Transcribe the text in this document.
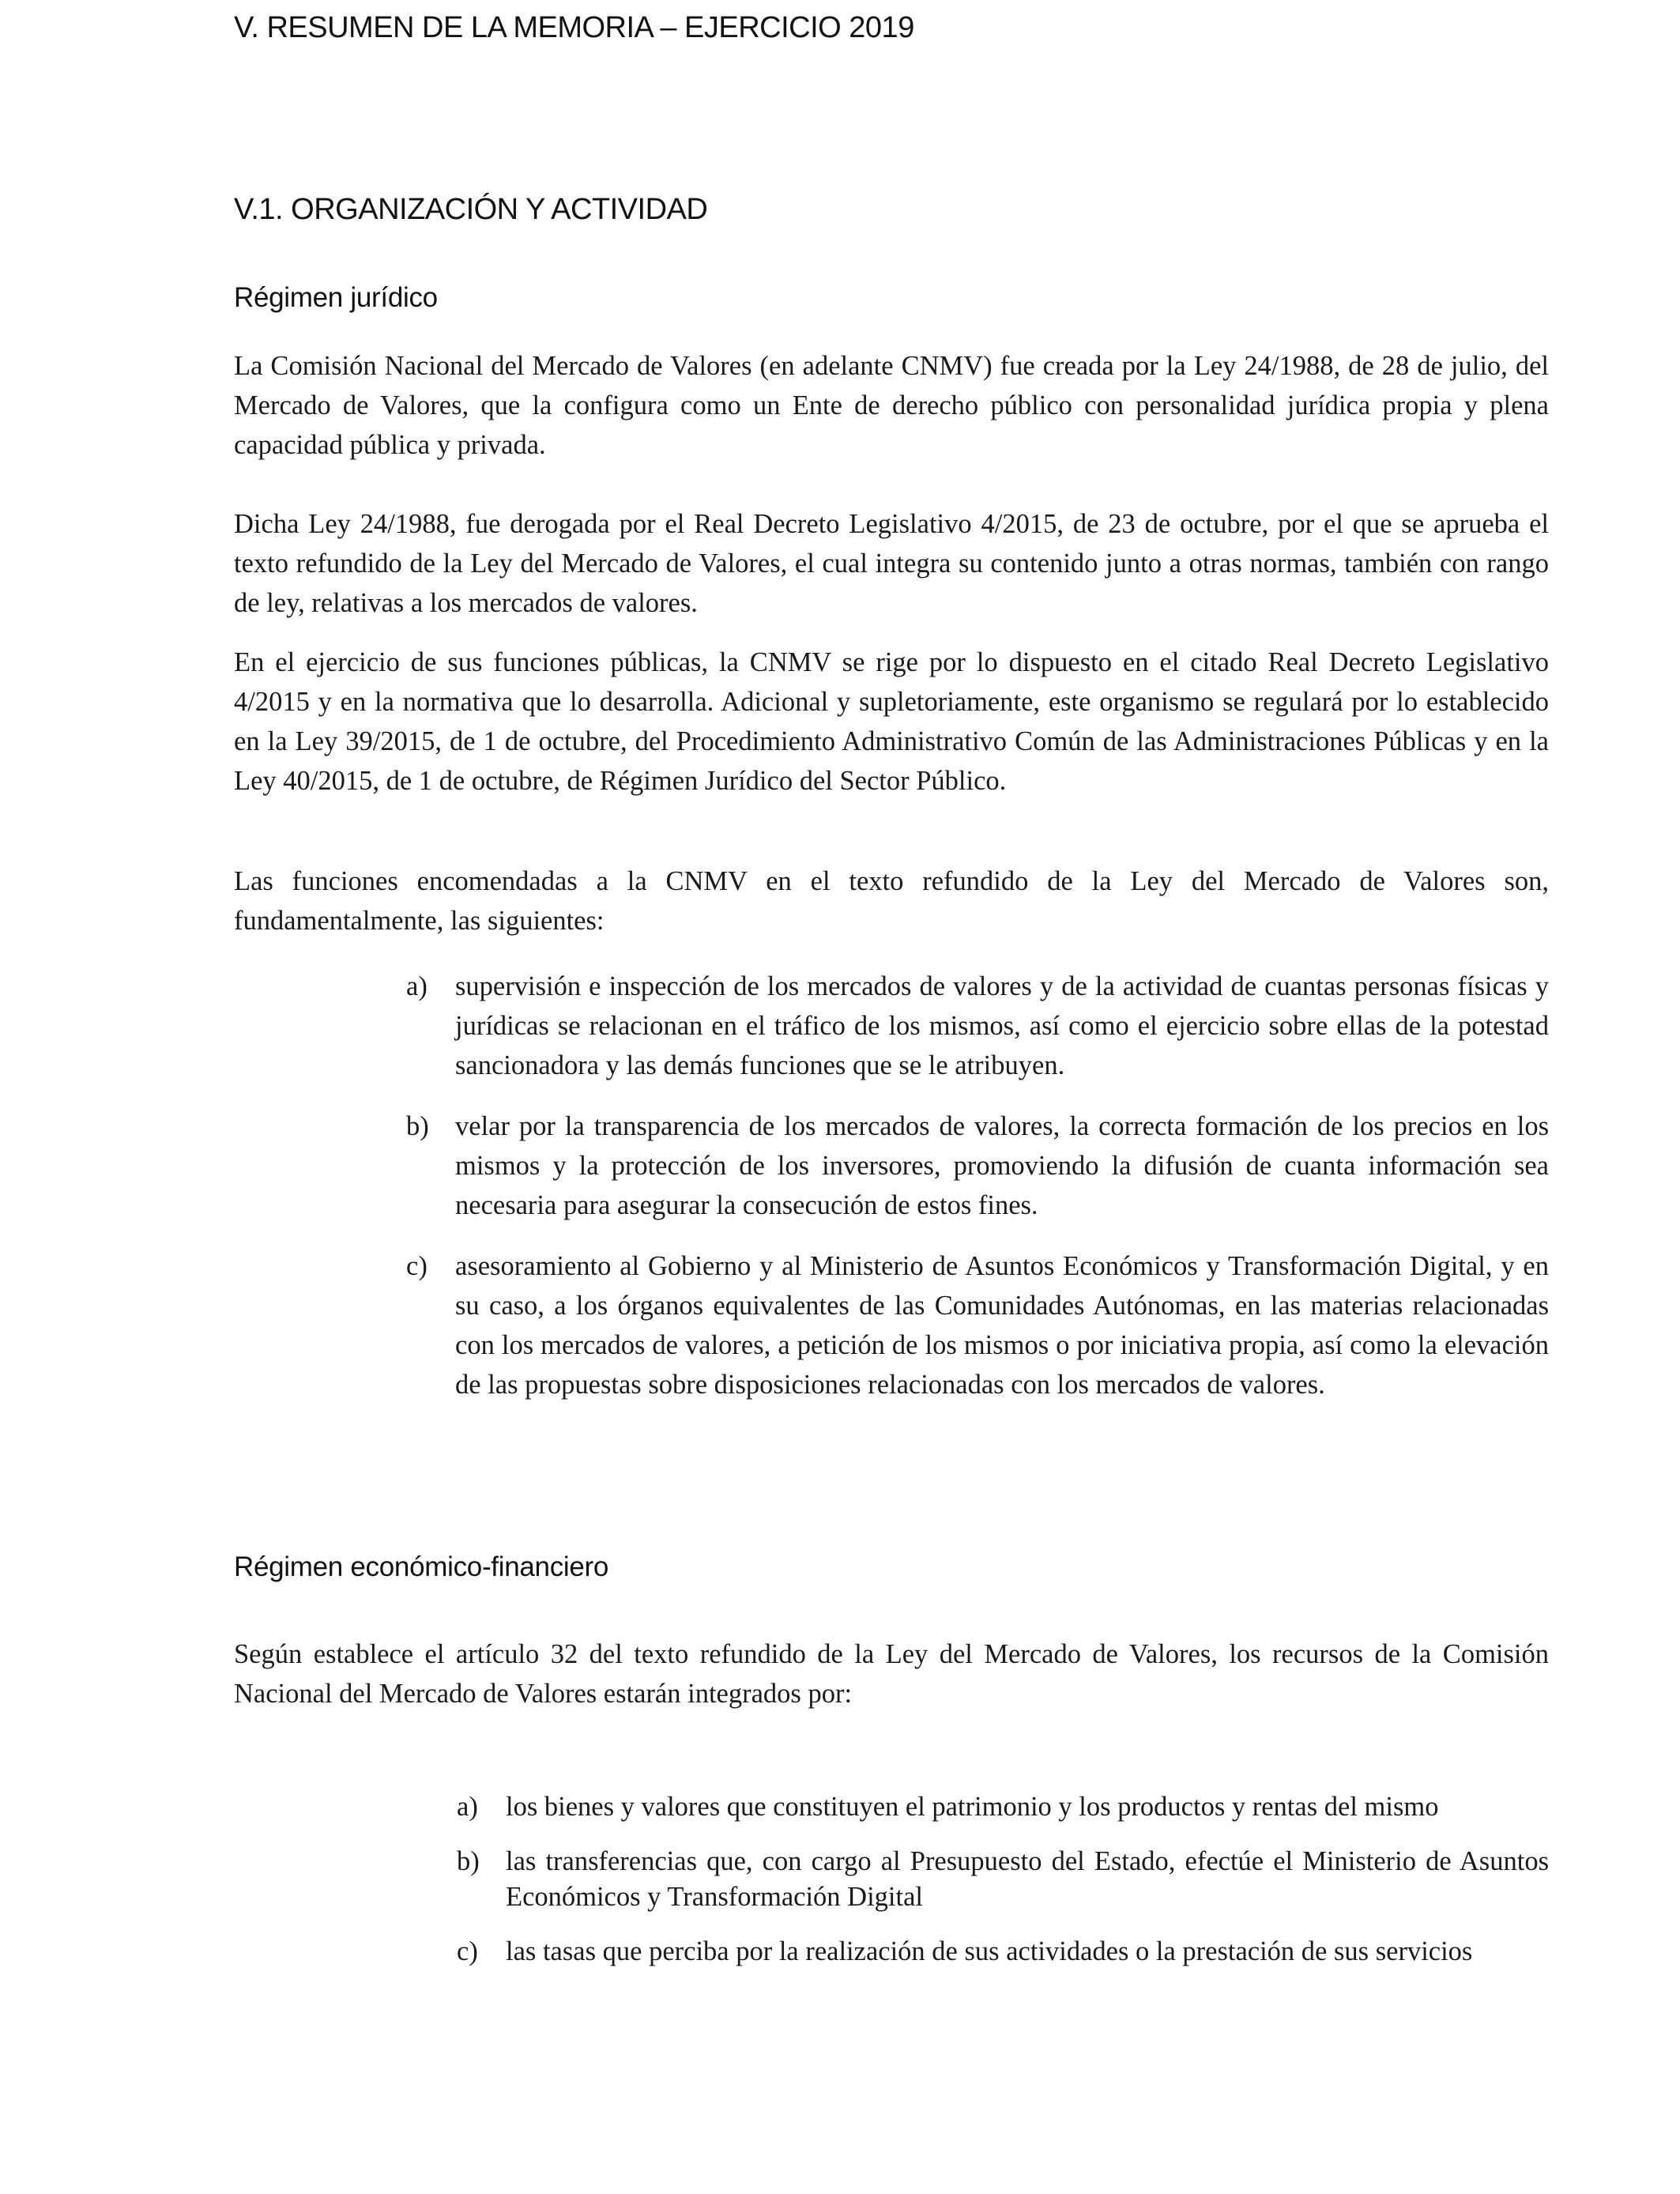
V. RESUMEN DE LA MEMORIA – EJERCICIO 2019
V.1. ORGANIZACIÓN Y ACTIVIDAD
Régimen jurídico

La Comisión Nacional del Mercado de Valores (en adelante CNMV) fue creada por la Ley 24/1988, de 28 de julio, del Mercado de Valores, que la configura como un Ente de derecho público con personalidad jurídica propia y plena capacidad pública y privada.

Dicha Ley 24/1988, fue derogada por el Real Decreto Legislativo 4/2015, de 23 de octubre, por el que se aprueba el texto refundido de la Ley del Mercado de Valores, el cual integra su contenido junto a otras normas, también con rango de ley, relativas a los mercados de valores.

En el ejercicio de sus funciones públicas, la CNMV se rige por lo dispuesto en el citado Real Decreto Legislativo 4/2015 y en la normativa que lo desarrolla. Adicional y supletoriamente, este organismo se regulará por lo establecido en la Ley 39/2015, de 1 de octubre, del Procedimiento Administrativo Común de las Administraciones Públicas y en la Ley 40/2015, de 1 de octubre, de Régimen Jurídico del Sector Público.

Las funciones encomendadas a la CNMV en el texto refundido de la Ley del Mercado de Valores son, fundamentalmente, las siguientes:

a) supervisión e inspección de los mercados de valores y de la actividad de cuantas personas físicas y jurídicas se relacionan en el tráfico de los mismos, así como el ejercicio sobre ellas de la potestad sancionadora y las demás funciones que se le atribuyen.
b) velar por la transparencia de los mercados de valores, la correcta formación de los precios en los mismos y la protección de los inversores, promoviendo la difusión de cuanta información sea necesaria para asegurar la consecución de estos fines.
c) asesoramiento al Gobierno y al Ministerio de Asuntos Económicos y Transformación Digital, y en su caso, a los órganos equivalentes de las Comunidades Autónomas, en las materias relacionadas con los mercados de valores, a petición de los mismos o por iniciativa propia, así como la elevación de las propuestas sobre disposiciones relacionadas con los mercados de valores.
Régimen económico-financiero

Según establece el artículo 32 del texto refundido de la Ley del Mercado de Valores, los recursos de la Comisión Nacional del Mercado de Valores estarán integrados por:

a) los bienes y valores que constituyen el patrimonio y los productos y rentas del mismo
b) las transferencias que, con cargo al Presupuesto del Estado, efectúe el Ministerio de Asuntos Económicos y Transformación Digital
c) las tasas que perciba por la realización de sus actividades o la prestación de sus servicios
